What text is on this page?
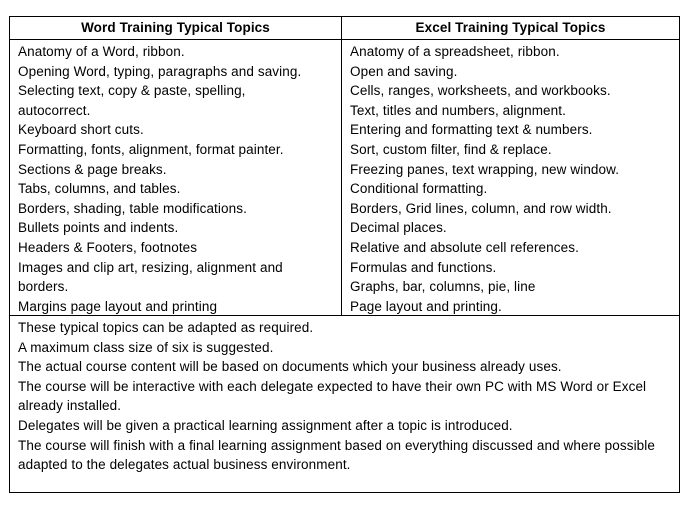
Word Training Typical Topics	Excel Training Typical Topics
Anatomy of a Word, ribbon.
Opening Word, typing, paragraphs and saving.
Selecting text, copy & paste, spelling,
autocorrect.
Keyboard short cuts.
Formatting, fonts, alignment, format painter.
Sections & page breaks.
Tabs, columns, and tables.
Borders, shading, table modifications.
Bullets points and indents.
Headers & Footers, footnotes
Images and clip art, resizing, alignment and
borders.
Margins page layout and printing
Anatomy of a spreadsheet, ribbon.
Open and saving.
Cells, ranges, worksheets, and workbooks.
Text, titles and numbers, alignment.
Entering and formatting text & numbers.
Sort, custom filter, find & replace.
Freezing panes, text wrapping, new window.
Conditional formatting.
Borders, Grid lines, column, and row width.
Decimal places.
Relative and absolute cell references.
Formulas and functions.
Graphs, bar, columns, pie, line
Page layout and printing.
These typical topics can be adapted as required.
A maximum class size of six is suggested.
The actual course content will be based on documents which your business already uses.
The course will be interactive with each delegate expected to have their own PC with MS Word or Excel already installed.
Delegates will be given a practical learning assignment after a topic is introduced.
The course will finish with a final learning assignment based on everything discussed and where possible adapted to the delegates actual business environment.
